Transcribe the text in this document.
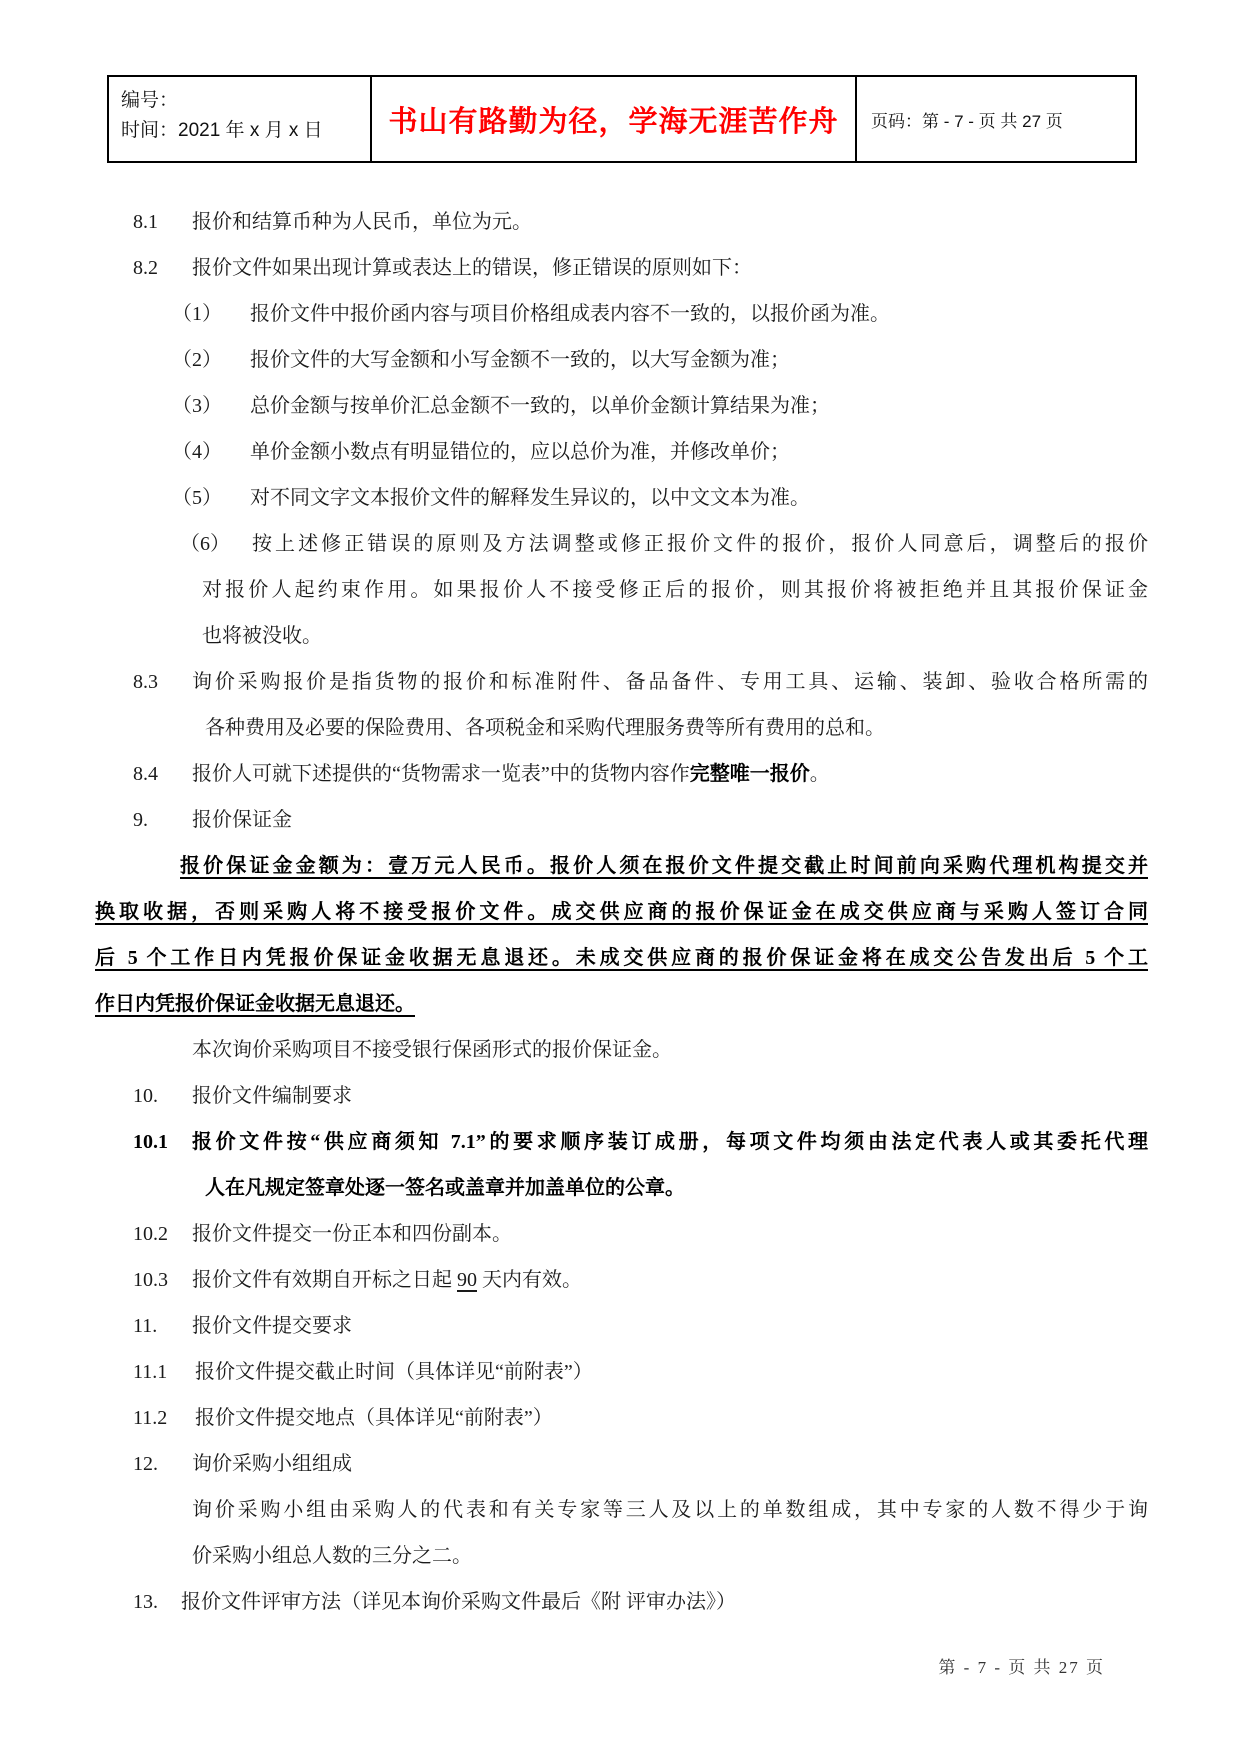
编号：
时间：2021 年 x 月 x 日	书山有路勤为径，学海无涯苦作舟 页码：第 - 7 - 页 共 27 页
8.1	报价和结算币种为人民币，单位为元。
8.2	报价文件如果出现计算或表达上的错误，修正错误的原则如下：
（1）	报价文件中报价函内容与项目价格组成表内容不一致的，以报价函为准。
（2）	报价文件的大写金额和小写金额不一致的，以大写金额为准；
（3）	总价金额与按单价汇总金额不一致的，以单价金额计算结果为准；
（4）	单价金额小数点有明显错位的，应以总价为准，并修改单价；
（5）	对不同文字文本报价文件的解释发生异议的，以中文文本为准。
（6）	按上述修正错误的原则及方法调整或修正报价文件的报价，报价人同意后，调整后的报价
对报价人起约束作用。如果报价人不接受修正后的报价，则其报价将被拒绝并且其报价保证金
也将被没收。
8.3	询价采购报价是指货物的报价和标准附件、备品备件、专用工具、运输、装卸、验收合格所需的
各种费用及必要的保险费用、各项税金和采购代理服务费等所有费用的总和。
8.4	报价人可就下述提供的“货物需求一览表”中的货物内容作完整唯一报价。
9.	报价保证金
报价保证金金额为：壹万元人民币。报价人须在报价文件提交截止时间前向采购代理机构提交并
换取收据，否则采购人将不接受报价文件。成交供应商的报价保证金在成交供应商与采购人签订合同
后 5 个工作日内凭报价保证金收据无息退还。未成交供应商的报价保证金将在成交公告发出后 5 个工
作日内凭报价保证金收据无息退还。
本次询价采购项目不接受银行保函形式的报价保证金。
10.	报价文件编制要求
10.1	报价文件按“供应商须知 7.1”的要求顺序装订成册，每项文件均须由法定代表人或其委托代理
人在凡规定签章处逐一签名或盖章并加盖单位的公章。
10.2	报价文件提交一份正本和四份副本。
10.3	报价文件有效期自开标之日起 90 天内有效。
11.	报价文件提交要求
11.1	报价文件提交截止时间（具体详见“前附表”）
11.2	报价文件提交地点（具体详见“前附表”）
12.	询价采购小组组成
询价采购小组由采购人的代表和有关专家等三人及以上的单数组成，其中专家的人数不得少于询
价采购小组总人数的三分之二。
13.	报价文件评审方法（详见本询价采购文件最后《附 评审办法》）
第 - 7 - 页 共 27 页
